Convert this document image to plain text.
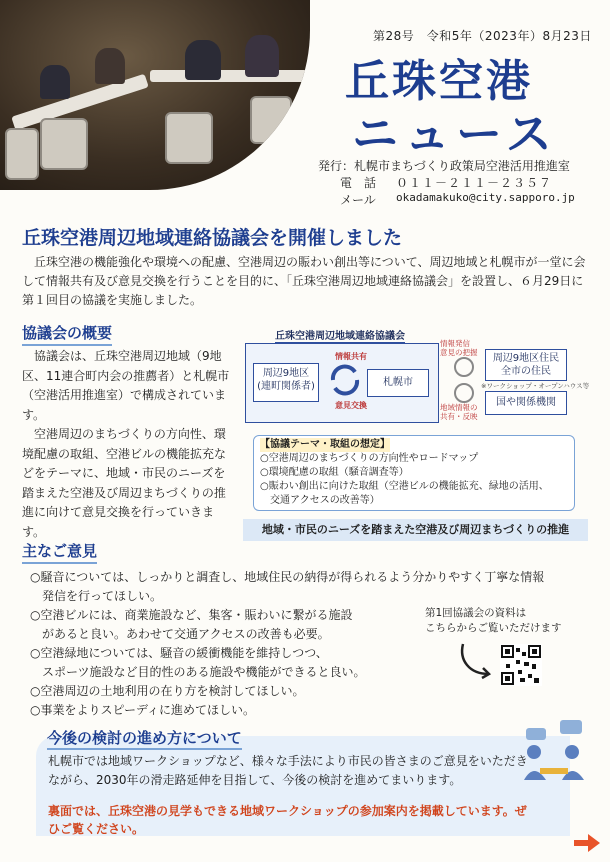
第28号　令和5年（2023年）8月23日
丘珠空港
ニュース
発行：札幌市まちづくり政策局空港活用推進室
電　話 ０１１－２１１－２３５７
メール okadamakuko@city.sapporo.jp
丘珠空港周辺地域連絡協議会を開催しました
丘珠空港の機能強化や環境への配慮、空港周辺の賑わい創出等について、周辺地域と札幌市が一堂に会して情報共有及び意見交換を行うことを目的に、「丘珠空港周辺地域連絡協議会」を設置し、６月29日に第１回目の協議を実施しました。
協議会の概要

協議会は、丘珠空港周辺地域（9地区、11連合町内会の推薦者）と札幌市（空港活用推進室）で構成されています。

空港周辺のまちづくりの方向性、環境配慮の取組、空港ビルの機能拡充などをテーマに、地域・市民のニーズを踏まえた空港及び周辺まちづくりの推進に向けて意見交換を行っていきます。

丘珠空港周辺地域連絡協議会
周辺9地区
(連町関係者)	札幌市
情報共有
意見交換
情報発信
意見の把握
地域情報の
共有・反映
周辺9地区住民
全市の住民
※ワークショップ・オープンハウス等
国や関係機関
【協議テーマ・取組の想定】
○空港周辺のまちづくりの方向性やロードマップ
○環境配慮の取組（騒音調査等）
○賑わい創出に向けた取組（空港ビルの機能拡充、緑地の活用、
　交通アクセスの改善等）
地域・市民のニーズを踏まえた空港及び周辺まちづくりの推進
主なご意見
○騒音については、しっかりと調査し、地域住民の納得が得られるよう分かりやすく丁寧な情報
　発信を行ってほしい。
○空港ビルには、商業施設など、集客・賑わいに繋がる施設
　があると良い。あわせて交通アクセスの改善も必要。
○空港緑地については、騒音の緩衝機能を維持しつつ、
　スポーツ施設など目的性のある施設や機能ができると良い。
○空港周辺の土地利用の在り方を検討してほしい。
○事業をよりスピーディに進めてほしい。
第1回協議会の資料は
こちらからご覧いただけます
今後の検討の進め方について
札幌市では地域ワークショップなど、様々な手法により市民の皆さまのご意見をいただきながら、2030年の滑走路延伸を目指して、今後の検討を進めてまいります。
裏面では、丘珠空港の見学もできる地域ワークショップの参加案内を掲載しています。ぜひご覧ください。
